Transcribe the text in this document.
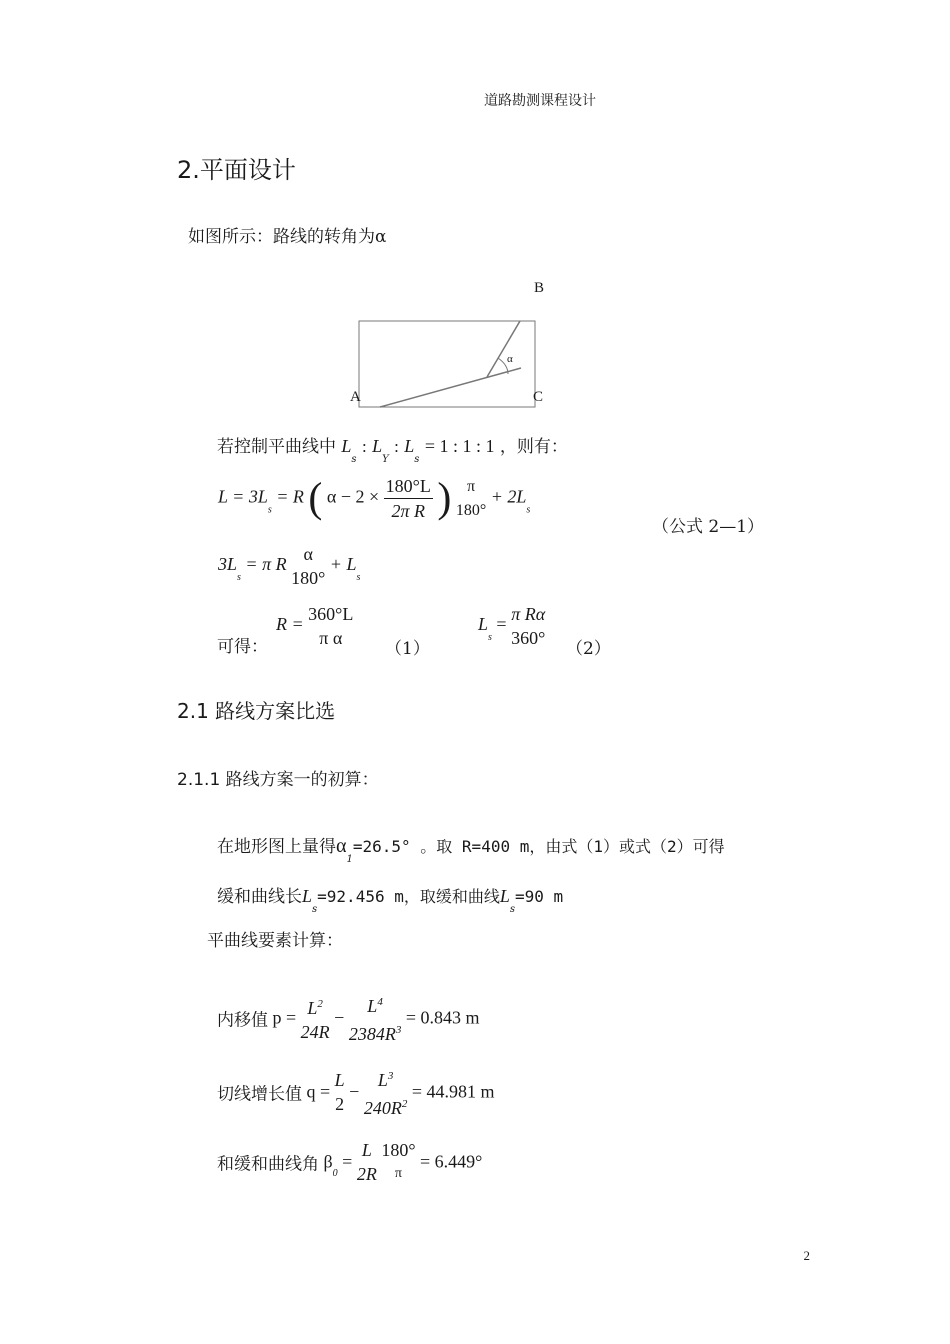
道路勘测课程设计
2.平面设计
如图所示：路线的转角为α
B
α
A	C
若控制平曲线中 $L_s$ : $L_Y$ : $L_s = 1$ : 1 : 1 ，则有：
$L = 3L_s = R$ ( $\alpha - 2 \times \frac{180^\circ L}{\text{2π R}}$ ) π
180°
+ $2L_s$
（公式 2—1）
$3L_s = \pi$ R
α
180°
+ $L_s$
可得：
R =
360°L
π α
（1）
$L_s$ =
π Rα
360°
（2）
2.1 路线方案比选
2.1.1 路线方案一的初算：
在地形图上量得$\alpha_1=26.5^\circ$ 。取 R=400 m，由式（1）或式（2）可得
缓和曲线长$L_s=92.456$ m，取缓和曲线$L_s=90$ m
平曲线要素计算：
内移值 $p = L^2$
24R
−
$L^4$
$2384R^3$
= 0.843 m
切线增长值 q =
L
2
−
$L^3$
$240R^2$
= 44.981 m
和缓和曲线角 $\beta_0$ =
L
2R

180°
π
= 6.449°
2
